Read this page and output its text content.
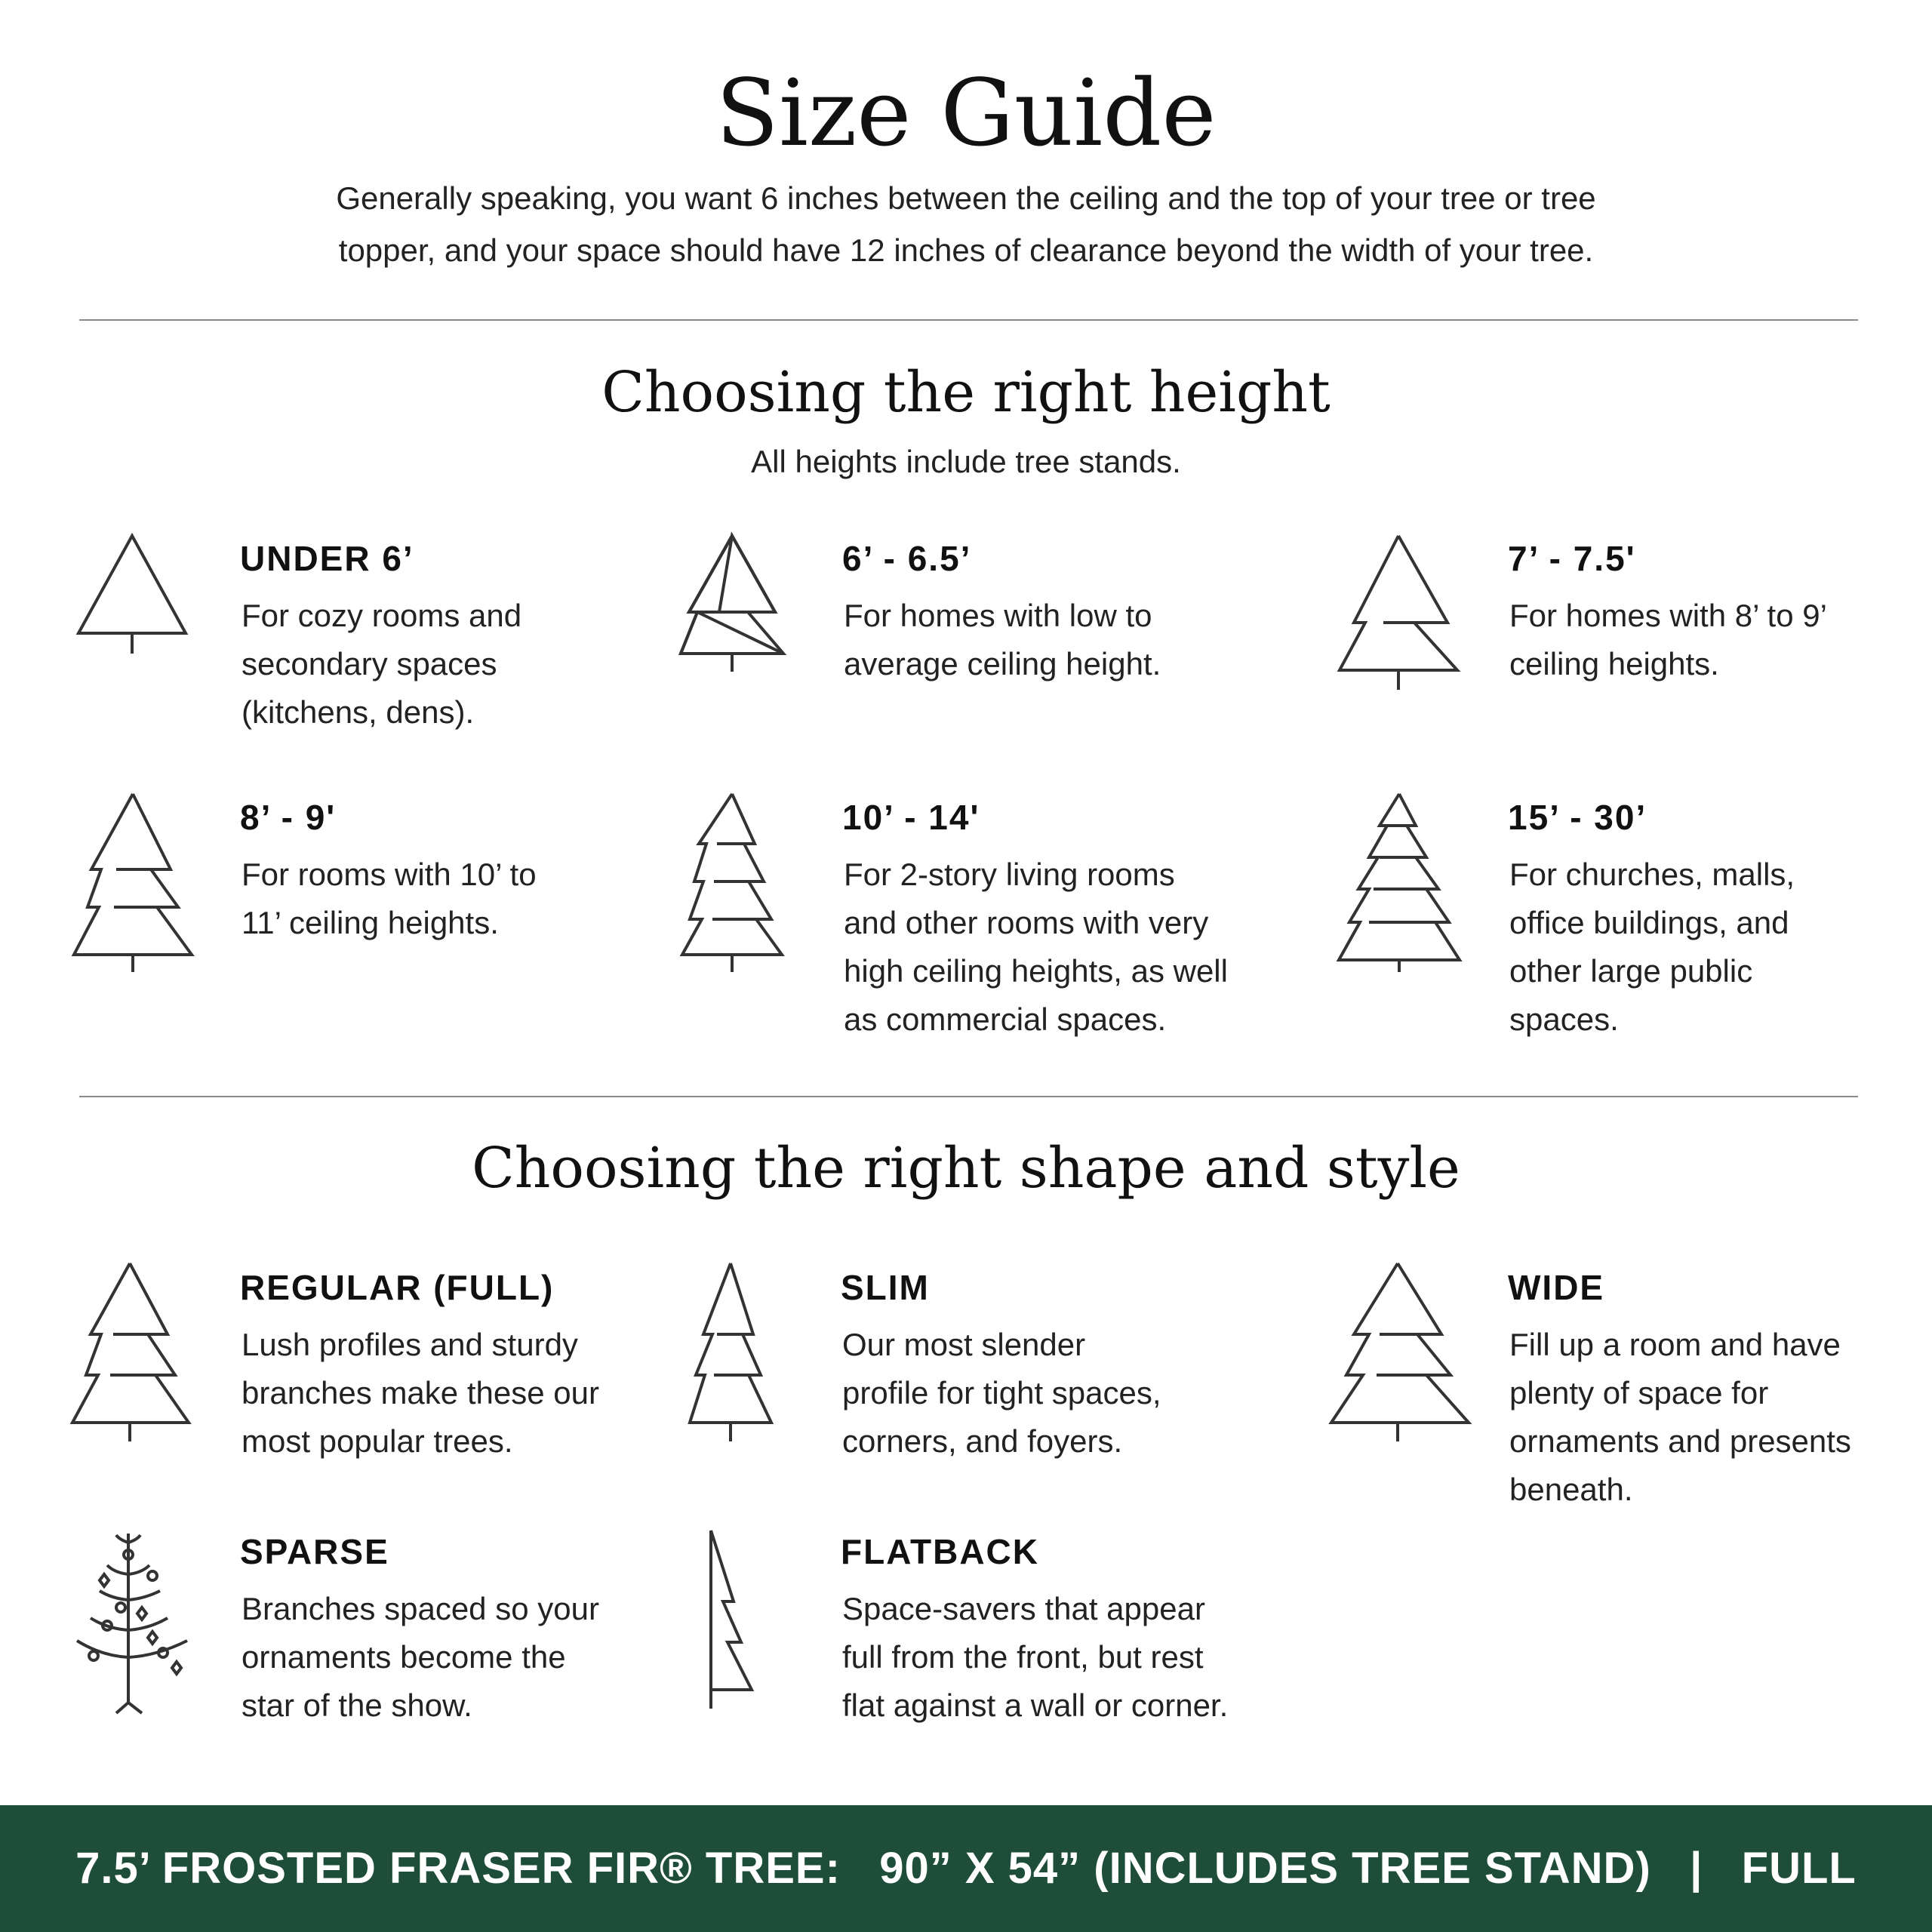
Size Guide
Generally speaking, you want 6 inches between the ceiling and the top of your tree or tree
topper, and your space should have 12 inches of clearance beyond the width of your tree.
Choosing the right height
All heights include tree stands.
UNDER 6’
For cozy rooms and
secondary spaces
(kitchens, dens).
6’ - 6.5’
For homes with low to
average ceiling height.
7’ - 7.5'
For homes with 8’ to 9’
ceiling heights.
8’ - 9'
For rooms with 10’ to
11’ ceiling heights.
10’ - 14'
For 2-story living rooms
and other rooms with very
high ceiling heights, as well
as commercial spaces.
15’ - 30’
For churches, malls,
office buildings, and
other large public
spaces.
Choosing the right shape and style
REGULAR (FULL)
Lush profiles and sturdy
branches make these our
most popular trees.
SLIM
Our most slender
profile for tight spaces,
corners, and foyers.
WIDE
Fill up a room and have
plenty of space for
ornaments and presents
beneath.
SPARSE
Branches spaced so your
ornaments become the
star of the show.
FLATBACK
Space-savers that appear
full from the front, but rest
flat against a wall or corner.
7.5’ FROSTED FRASER FIR® TREE:   90” X 54” (INCLUDES TREE STAND)   |   FULL
